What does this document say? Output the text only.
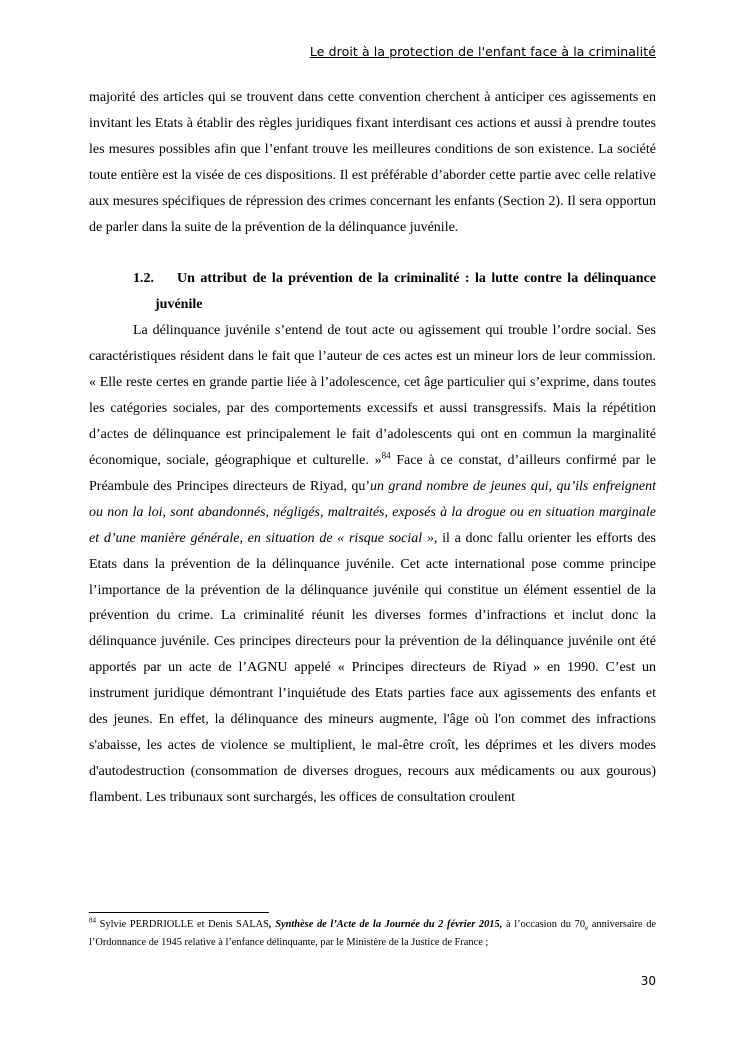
Le droit à la protection de l'enfant face à la criminalité

majorité des articles qui se trouvent dans cette convention cherchent à anticiper ces agissements en invitant les Etats à établir des règles juridiques fixant interdisant ces actions et aussi à prendre toutes les mesures possibles afin que l’enfant trouve les meilleures conditions de son existence. La société toute entière est la visée de ces dispositions. Il est préférable d’aborder cette partie avec celle relative aux mesures spécifiques de répression des crimes concernant les enfants (Section 2). Il sera opportun de parler dans la suite de la prévention de la délinquance juvénile.

1.2. Un attribut de la prévention de la criminalité : la lutte contre la délinquance juvénile

La délinquance juvénile s’entend de tout acte ou agissement qui trouble l’ordre social. Ses caractéristiques résident dans le fait que l’auteur de ces actes est un mineur lors de leur commission. « Elle reste certes en grande partie liée à l’adolescence, cet âge particulier qui s’exprime, dans toutes les catégories sociales, par des comportements excessifs et aussi transgressifs. Mais la répétition d’actes de délinquance est principalement le fait d’adolescents qui ont en commun la marginalité économique, sociale, géographique et culturelle. »$^{84}$ Face à ce constat, d’ailleurs confirmé par le Préambule des Principes directeurs de Riyad, qu’un grand nombre de jeunes qui, qu’ils enfreignent ou non la loi, sont abandonnés, négligés, maltraités, exposés à la drogue ou en situation marginale et d’une manière générale, en situation de « risque social », il a donc fallu orienter les efforts des Etats dans la prévention de la délinquance juvénile. Cet acte international pose comme principe l’importance de la prévention de la délinquance juvénile qui constitue un élément essentiel de la prévention du crime. La criminalité réunit les diverses formes d’infractions et inclut donc la délinquance juvénile. Ces principes directeurs pour la prévention de la délinquance juvénile ont été apportés par un acte de l’AGNU appelé « Principes directeurs de Riyad » en 1990. C’est un instrument juridique démontrant l’inquiétude des Etats parties face aux agissements des enfants et des jeunes. En effet, la délinquance des mineurs augmente, l'âge où l'on commet des infractions s'abaisse, les actes de violence se multiplient, le mal-être croît, les déprimes et les divers modes d'autodestruction (consommation de diverses drogues, recours aux médicaments ou aux gourous) flambent. Les tribunaux sont surchargés, les offices de consultation croulent

$^{84}$ Sylvie PERDRIOLLE et Denis SALAS, Synthèse de l’Acte de la Journée du 2 février 2015, à l’occasion du $70_e$ anniversaire de l’Ordonnance de 1945 relative à l’enfance délinquante, par le Ministère de la Justice de France ;
30
